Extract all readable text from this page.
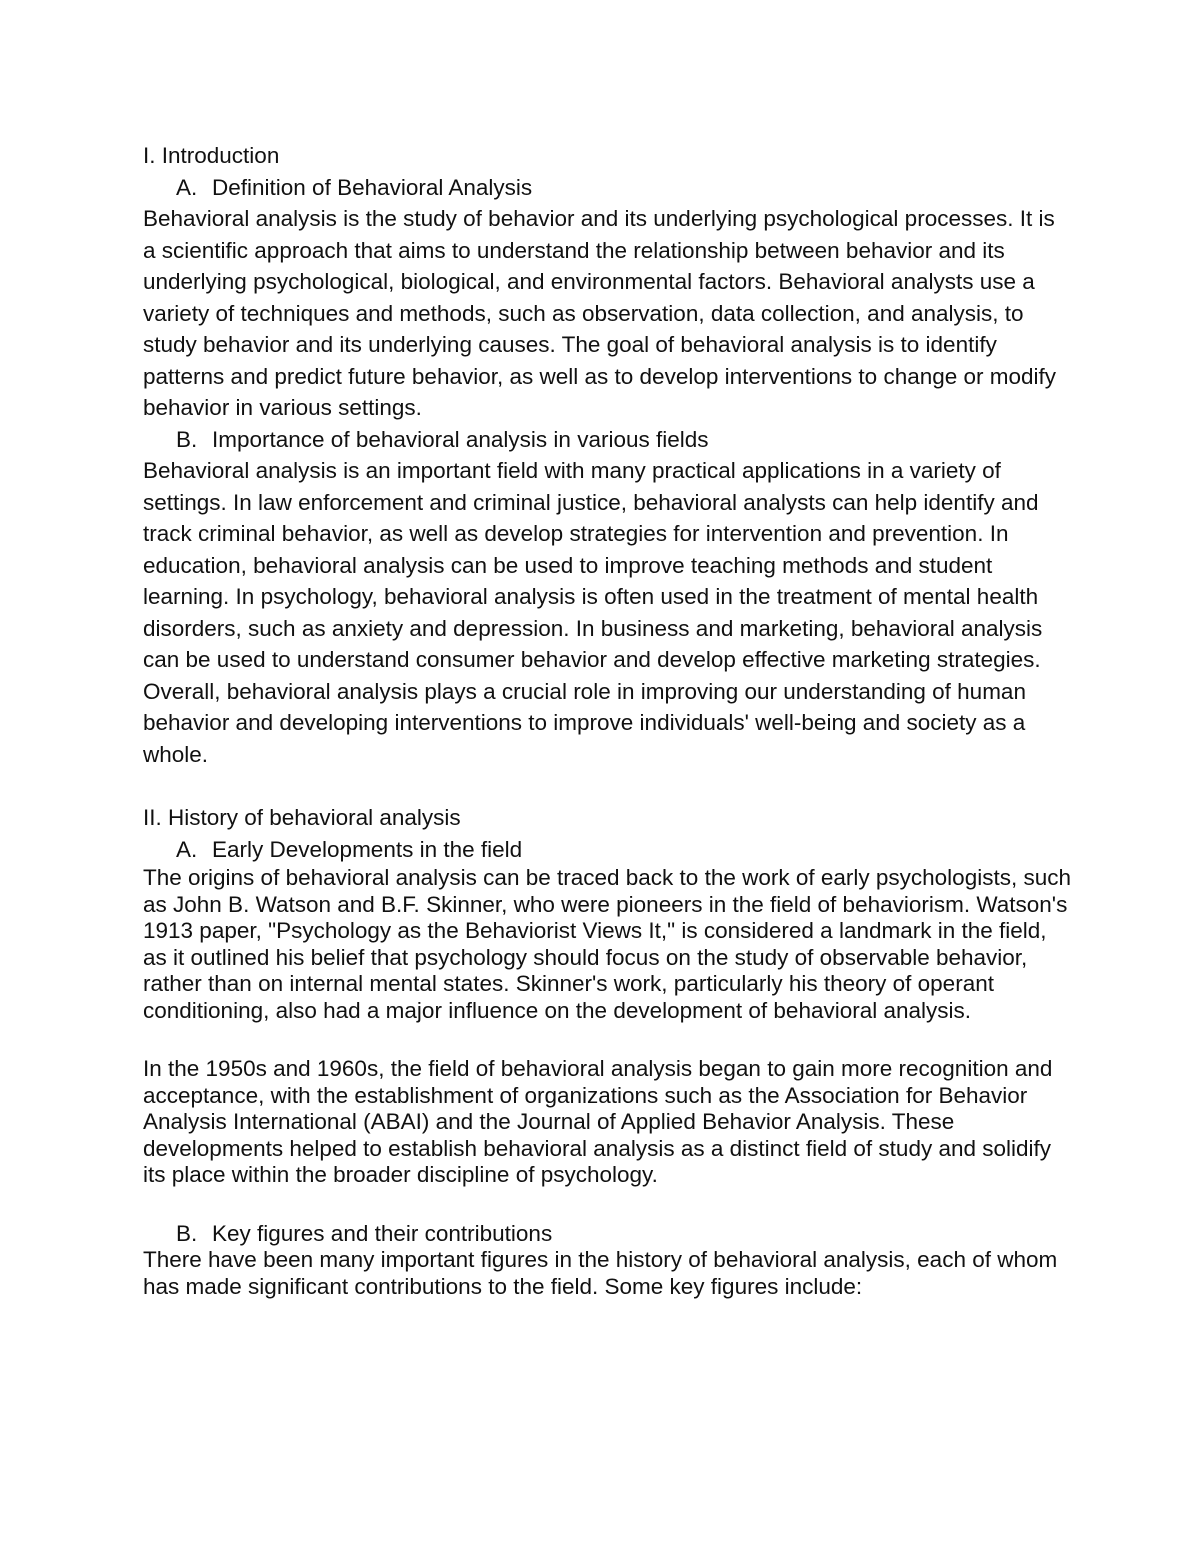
I. Introduction

A. Definition of Behavioral Analysis

Behavioral analysis is the study of behavior and its underlying psychological processes. It is a scientific approach that aims to understand the relationship between behavior and its underlying psychological, biological, and environmental factors. Behavioral analysts use a variety of techniques and methods, such as observation, data collection, and analysis, to study behavior and its underlying causes. The goal of behavioral analysis is to identify patterns and predict future behavior, as well as to develop interventions to change or modify behavior in various settings.

B. Importance of behavioral analysis in various fields

Behavioral analysis is an important field with many practical applications in a variety of settings. In law enforcement and criminal justice, behavioral analysts can help identify and track criminal behavior, as well as develop strategies for intervention and prevention. In education, behavioral analysis can be used to improve teaching methods and student learning. In psychology, behavioral analysis is often used in the treatment of mental health disorders, such as anxiety and depression. In business and marketing, behavioral analysis can be used to understand consumer behavior and develop effective marketing strategies. Overall, behavioral analysis plays a crucial role in improving our understanding of human behavior and developing interventions to improve individuals' well-being and society as a whole.

II. History of behavioral analysis

A. Early Developments in the field

The origins of behavioral analysis can be traced back to the work of early psychologists, such as John B. Watson and B.F. Skinner, who were pioneers in the field of behaviorism. Watson's 1913 paper, "Psychology as the Behaviorist Views It," is considered a landmark in the field, as it outlined his belief that psychology should focus on the study of observable behavior, rather than on internal mental states. Skinner's work, particularly his theory of operant conditioning, also had a major influence on the development of behavioral analysis.

In the 1950s and 1960s, the field of behavioral analysis began to gain more recognition and acceptance, with the establishment of organizations such as the Association for Behavior Analysis International (ABAI) and the Journal of Applied Behavior Analysis. These developments helped to establish behavioral analysis as a distinct field of study and solidify its place within the broader discipline of psychology.

B. Key figures and their contributions

There have been many important figures in the history of behavioral analysis, each of whom has made significant contributions to the field. Some key figures include:
